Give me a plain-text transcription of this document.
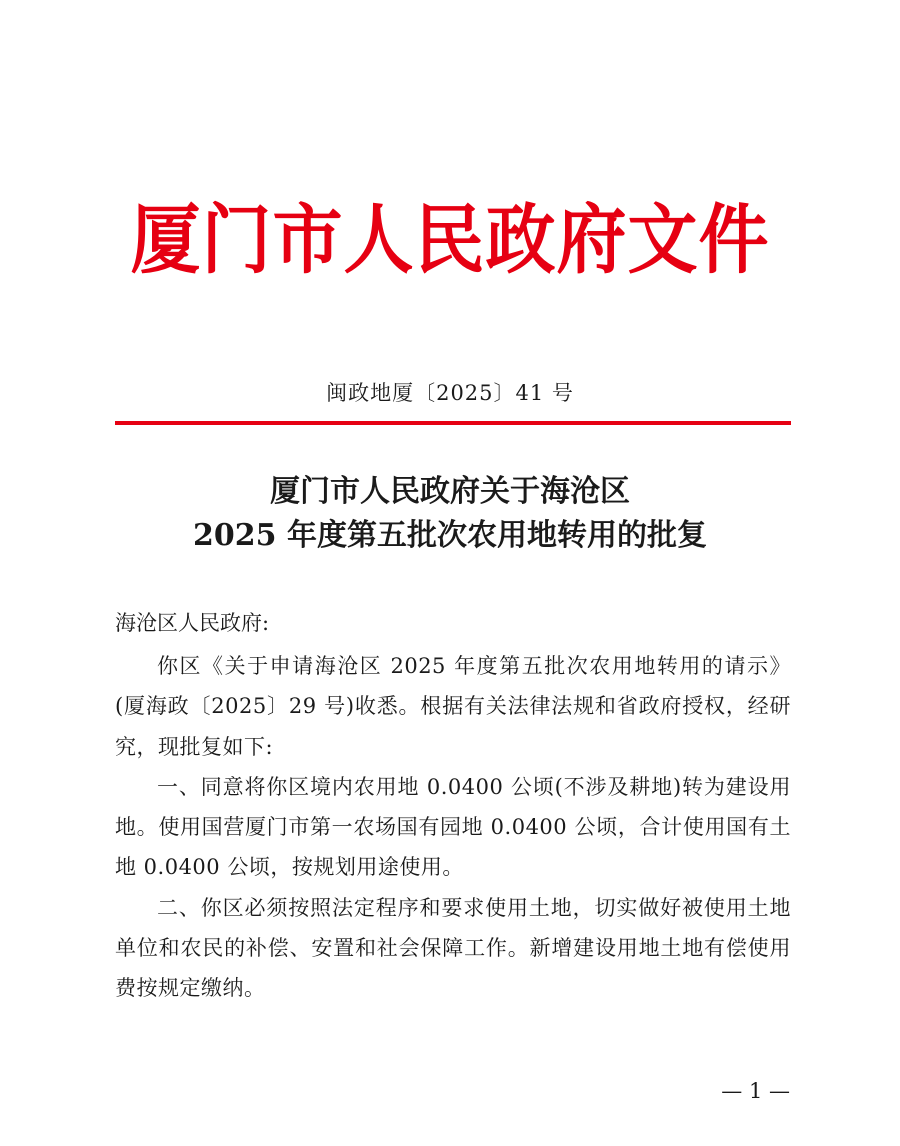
厦门市人民政府文件
闽政地厦〔2025〕41 号
厦门市人民政府关于海沧区
2025 年度第五批次农用地转用的批复
海沧区人民政府:

你区《关于申请海沧区 2025 年度第五批次农用地转用的请示》(厦海政〔2025〕29 号)收悉。根据有关法律法规和省政府授权，经研究，现批复如下:

一、同意将你区境内农用地 0.0400 公顷(不涉及耕地)转为建设用地。使用国营厦门市第一农场国有园地 0.0400 公顷，合计使用国有土地 0.0400 公顷，按规划用途使用。

二、你区必须按照法定程序和要求使用土地，切实做好被使用土地单位和农民的补偿、安置和社会保障工作。新增建设用地土地有偿使用费按规定缴纳。

— 1 —
